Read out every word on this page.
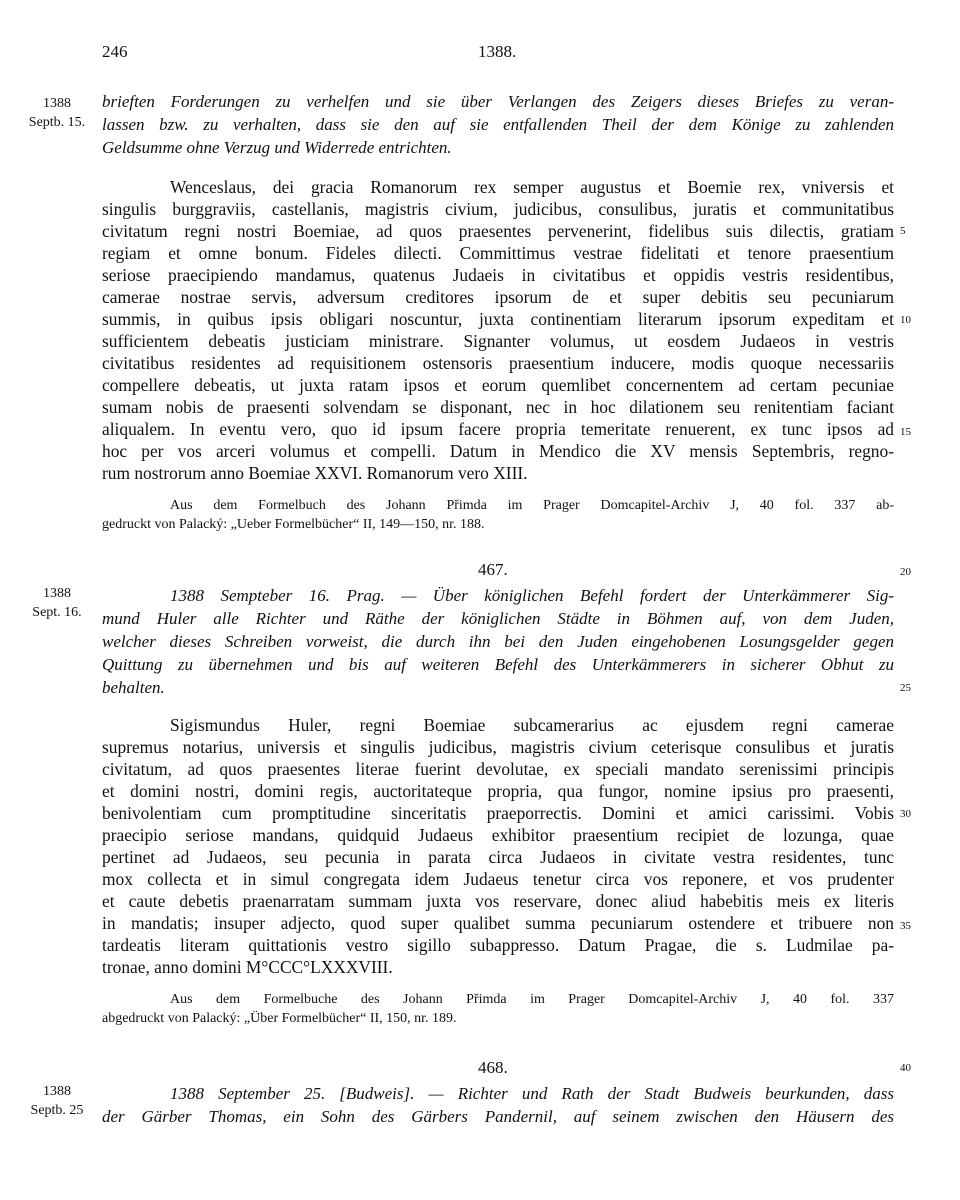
246	1388.
1388
Septb. 15.
1388
Sept. 16.
1388
Septb. 25
5
10
15
20
25
30
35
40
brieften Forderungen zu verhelfen und sie über Verlangen des Zeigers dieses Briefes zu veran-
lassen bzw. zu verhalten, dass sie den auf sie entfallenden Theil der dem Könige zu zahlenden
Geldsumme ohne Verzug und Widerrede entrichten.
Wenceslaus, dei gracia Romanorum rex semper augustus et Boemie rex, vniversis et
singulis burggraviis, castellanis, magistris civium, judicibus, consulibus, juratis et communitatibus
civitatum regni nostri Boemiae, ad quos praesentes pervenerint, fidelibus suis dilectis, gratiam
regiam et omne bonum. Fideles dilecti. Committimus vestrae fidelitati et tenore praesentium
seriose praecipiendo mandamus, quatenus Judaeis in civitatibus et oppidis vestris residentibus,
camerae nostrae servis, adversum creditores ipsorum de et super debitis seu pecuniarum
summis, in quibus ipsis obligari noscuntur, juxta continentiam literarum ipsorum expeditam et
sufficientem debeatis justiciam ministrare. Signanter volumus, ut eosdem Judaeos in vestris
civitatibus residentes ad requisitionem ostensoris praesentium inducere, modis quoque necessariis
compellere debeatis, ut juxta ratam ipsos et eorum quemlibet concernentem ad certam pecuniae
sumam nobis de praesenti solvendam se disponant, nec in hoc dilationem seu renitentiam faciant
aliqualem. In eventu vero, quo id ipsum facere propria temeritate renuerent, ex tunc ipsos ad
hoc per vos arceri volumus et compelli. Datum in Mendico die XV mensis Septembris, regno-
rum nostrorum anno Boemiae XXVI. Romanorum vero XIII.
Aus dem Formelbuch des Johann Přimda im Prager Domcapitel-Archiv J, 40 fol. 337 ab-
gedruckt von Palacký: „Ueber Formelbücher“ II, 149—150, nr. 188.
467.
1388 Sempteber 16. Prag. — Über königlichen Befehl fordert der Unterkämmerer Sig-
mund Huler alle Richter und Räthe der königlichen Städte in Böhmen auf, von dem Juden,
welcher dieses Schreiben vorweist, die durch ihn bei den Juden eingehobenen Losungsgelder gegen
Quittung zu übernehmen und bis auf weiteren Befehl des Unterkämmerers in sicherer Obhut zu
behalten.
Sigismundus Huler, regni Boemiae subcamerarius ac ejusdem regni camerae
supremus notarius, universis et singulis judicibus, magistris civium ceterisque consulibus et juratis
civitatum, ad quos praesentes literae fuerint devolutae, ex speciali mandato serenissimi principis
et domini nostri, domini regis, auctoritateque propria, qua fungor, nomine ipsius pro praesenti,
benivolentiam cum promptitudine sinceritatis praeporrectis. Domini et amici carissimi. Vobis
praecipio seriose mandans, quidquid Judaeus exhibitor praesentium recipiet de lozunga, quae
pertinet ad Judaeos, seu pecunia in parata circa Judaeos in civitate vestra residentes, tunc
mox collecta et in simul congregata idem Judaeus tenetur circa vos reponere, et vos prudenter
et caute debetis praenarratam summam juxta vos reservare, donec aliud habebitis meis ex literis
in mandatis; insuper adjecto, quod super qualibet summa pecuniarum ostendere et tribuere non
tardeatis literam quittationis vestro sigillo subappresso. Datum Pragae, die s. Ludmilae pa-
tronae, anno domini M°CCC°LXXXVIII.
Aus dem Formelbuche des Johann Přimda im Prager Domcapitel-Archiv J, 40 fol. 337
abgedruckt von Palacký: „Über Formelbücher“ II, 150, nr. 189.
468.
1388 September 25. [Budweis]. — Richter und Rath der Stadt Budweis beurkunden, dass
der Gärber Thomas, ein Sohn des Gärbers Pandernil, auf seinem zwischen den Häusern des
